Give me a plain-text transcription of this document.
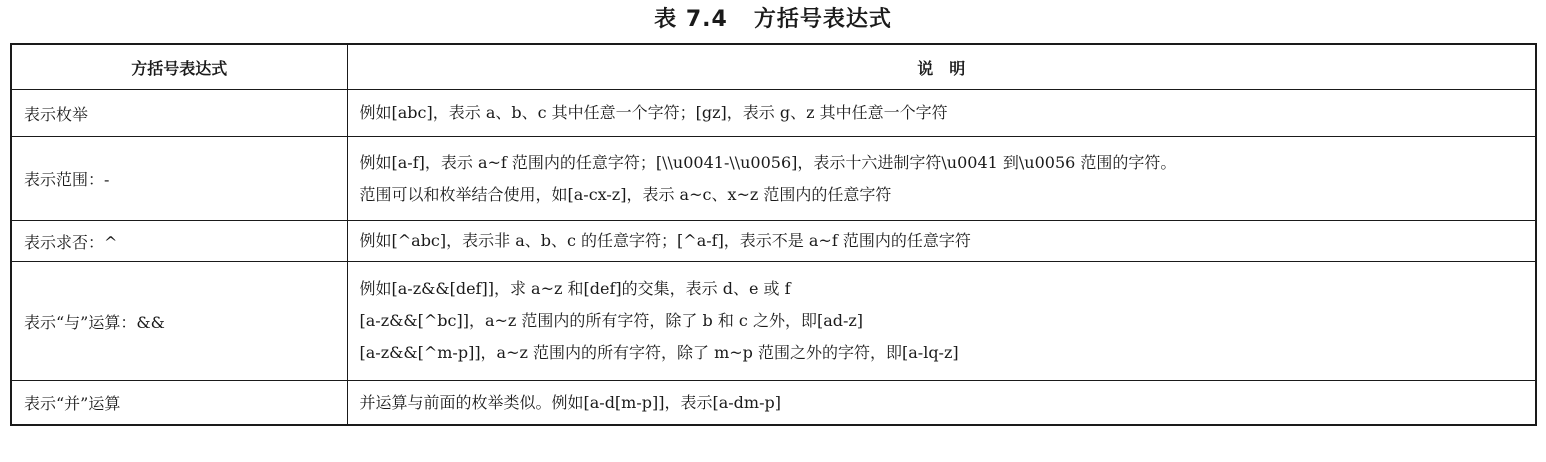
表 7.4 方括号表达式
方括号表达式	说　明
表示枚举	例如[abc]，表示 a、b、c 其中任意一个字符；[gz]，表示 g、z 其中任意一个字符

表示范围：-	例如[a-f]，表示 a~f 范围内的任意字符；[\\u0041-\\u0056]，表示十六进制字符\u0041 到\u0056 范围的字符。
范围可以和枚举结合使用，如[a-cx-z]，表示 a~c、x~z 范围内的任意字符

表示求否：^	例如[^abc]，表示非 a、b、c 的任意字符；[^a-f]，表示不是 a~f 范围内的任意字符

表示“与”运算：&&	例如[a-z&&[def]]，求 a~z 和[def]的交集，表示 d、e 或 f
[a-z&&[^bc]]，a~z 范围内的所有字符，除了 b 和 c 之外，即[ad-z]
[a-z&&[^m-p]]，a~z 范围内的所有字符，除了 m~p 范围之外的字符，即[a-lq-z]

表示“并”运算	并运算与前面的枚举类似。例如[a-d[m-p]]，表示[a-dm-p]
